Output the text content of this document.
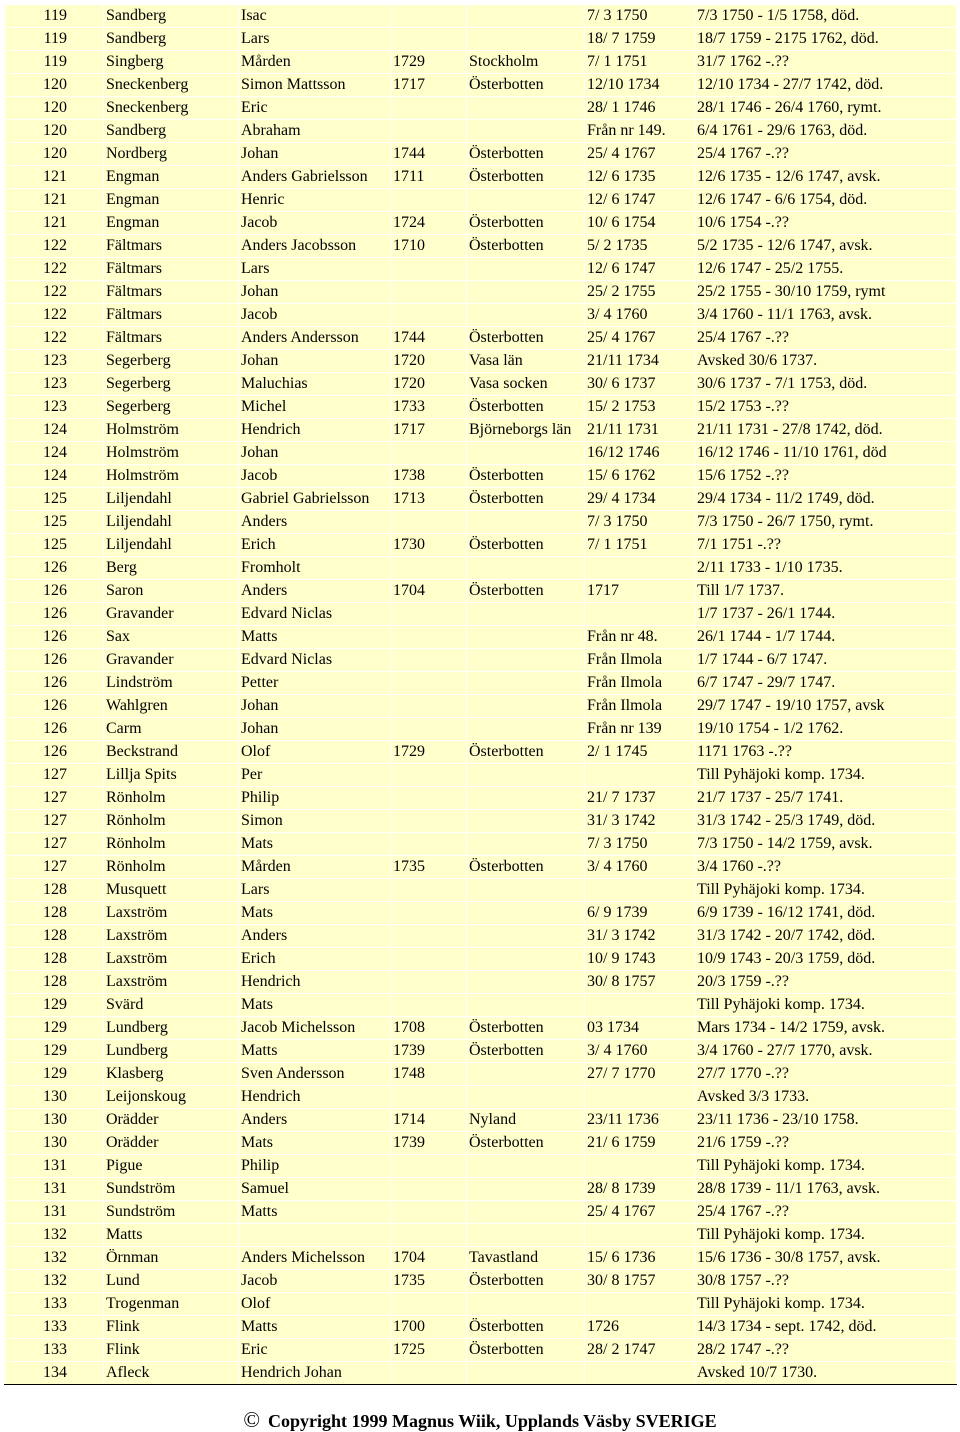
119	Sandberg	Isac			7/ 3 1750	7/3 1750 - 1/5 1758, död.
119	Sandberg	Lars			18/ 7 1759	18/7 1759 - 2175 1762, död.
119	Singberg	Mården	1729	Stockholm	7/ 1 1751	31/7 1762 -.??
120	Sneckenberg	Simon Mattsson	1717	Österbotten	12/10 1734	12/10 1734 - 27/7 1742, död.
120	Sneckenberg	Eric			28/ 1 1746	28/1 1746 - 26/4 1760, rymt.
120	Sandberg	Abraham			Från nr 149.	6/4 1761 - 29/6 1763, död.
120	Nordberg	Johan	1744	Österbotten	25/ 4 1767	25/4 1767 -.??
121	Engman	Anders Gabrielsson	1711	Österbotten	12/ 6 1735	12/6 1735 - 12/6 1747, avsk.
121	Engman	Henric			12/ 6 1747	12/6 1747 - 6/6 1754, död.
121	Engman	Jacob	1724	Österbotten	10/ 6 1754	10/6 1754 -.??
122	Fältmars	Anders Jacobsson	1710	Österbotten	5/ 2 1735	5/2 1735 - 12/6 1747, avsk.
122	Fältmars	Lars			12/ 6 1747	12/6 1747 - 25/2 1755.
122	Fältmars	Johan			25/ 2 1755	25/2 1755 - 30/10 1759, rymt
122	Fältmars	Jacob			3/ 4 1760	3/4 1760 - 11/1 1763, avsk.
122	Fältmars	Anders Andersson	1744	Österbotten	25/ 4 1767	25/4 1767 -.??
123	Segerberg	Johan	1720	Vasa län	21/11 1734	Avsked 30/6 1737.
123	Segerberg	Maluchias	1720	Vasa socken	30/ 6 1737	30/6 1737 - 7/1 1753, död.
123	Segerberg	Michel	1733	Österbotten	15/ 2 1753	15/2 1753 -.??
124	Holmström	Hendrich	1717	Björneborgs län	21/11 1731	21/11 1731 - 27/8 1742, död.
124	Holmström	Johan			16/12 1746	16/12 1746 - 11/10 1761, död
124	Holmström	Jacob	1738	Österbotten	15/ 6 1762	15/6 1752 -.??
125	Liljendahl	Gabriel Gabrielsson	1713	Österbotten	29/ 4 1734	29/4 1734 - 11/2 1749, död.
125	Liljendahl	Anders			7/ 3 1750	7/3 1750 - 26/7 1750, rymt.
125	Liljendahl	Erich	1730	Österbotten	7/ 1 1751	7/1 1751 -.??
126	Berg	Fromholt				2/11 1733 - 1/10 1735.
126	Saron	Anders	1704	Österbotten	1717	Till 1/7 1737.
126	Gravander	Edvard Niclas				1/7 1737 - 26/1 1744.
126	Sax	Matts			Från nr 48.	26/1 1744 - 1/7 1744.
126	Gravander	Edvard Niclas			Från Ilmola	1/7 1744 - 6/7 1747.
126	Lindström	Petter			Från Ilmola	6/7 1747 - 29/7 1747.
126	Wahlgren	Johan			Från Ilmola	29/7 1747 - 19/10 1757, avsk
126	Carm	Johan			Från nr 139	19/10 1754 - 1/2 1762.
126	Beckstrand	Olof	1729	Österbotten	2/ 1 1745	1171 1763 -.??
127	Lillja Spits	Per				Till Pyhäjoki komp. 1734.
127	Rönholm	Philip			21/ 7 1737	21/7 1737 - 25/7 1741.
127	Rönholm	Simon			31/ 3 1742	31/3 1742 - 25/3 1749, död.
127	Rönholm	Mats			7/ 3 1750	7/3 1750 - 14/2 1759, avsk.
127	Rönholm	Mården	1735	Österbotten	3/ 4 1760	3/4 1760 -.??
128	Musquett	Lars				Till Pyhäjoki komp. 1734.
128	Laxström	Mats			6/ 9 1739	6/9 1739 - 16/12 1741, död.
128	Laxström	Anders			31/ 3 1742	31/3 1742 - 20/7 1742, död.
128	Laxström	Erich			10/ 9 1743	10/9 1743 - 20/3 1759, död.
128	Laxström	Hendrich			30/ 8 1757	20/3 1759 -.??
129	Svärd	Mats				Till Pyhäjoki komp. 1734.
129	Lundberg	Jacob Michelsson	1708	Österbotten	03 1734	Mars 1734 - 14/2 1759, avsk.
129	Lundberg	Matts	1739	Österbotten	3/ 4 1760	3/4 1760 - 27/7 1770, avsk.
129	Klasberg	Sven Andersson	1748		27/ 7 1770	27/7 1770 -.??
130	Leijonskoug	Hendrich				Avsked 3/3 1733.
130	Orädder	Anders	1714	Nyland	23/11 1736	23/11 1736 - 23/10 1758.
130	Orädder	Mats	1739	Österbotten	21/ 6 1759	21/6 1759 -.??
131	Pigue	Philip				Till Pyhäjoki komp. 1734.
131	Sundström	Samuel			28/ 8 1739	28/8 1739 - 11/1 1763, avsk.
131	Sundström	Matts			25/ 4 1767	25/4 1767 -.??
132	Matts					Till Pyhäjoki komp. 1734.
132	Örnman	Anders Michelsson	1704	Tavastland	15/ 6 1736	15/6 1736 - 30/8 1757, avsk.
132	Lund	Jacob	1735	Österbotten	30/ 8 1757	30/8 1757 -.??
133	Trogenman	Olof				Till Pyhäjoki komp. 1734.
133	Flink	Matts	1700	Österbotten	1726	14/3 1734 - sept. 1742, död.
133	Flink	Eric	1725	Österbotten	28/ 2 1747	28/2 1747 -.??
134	Afleck	Hendrich Johan				Avsked 10/7 1730.
© Copyright 1999 Magnus Wiik, Upplands Väsby SVERIGE
